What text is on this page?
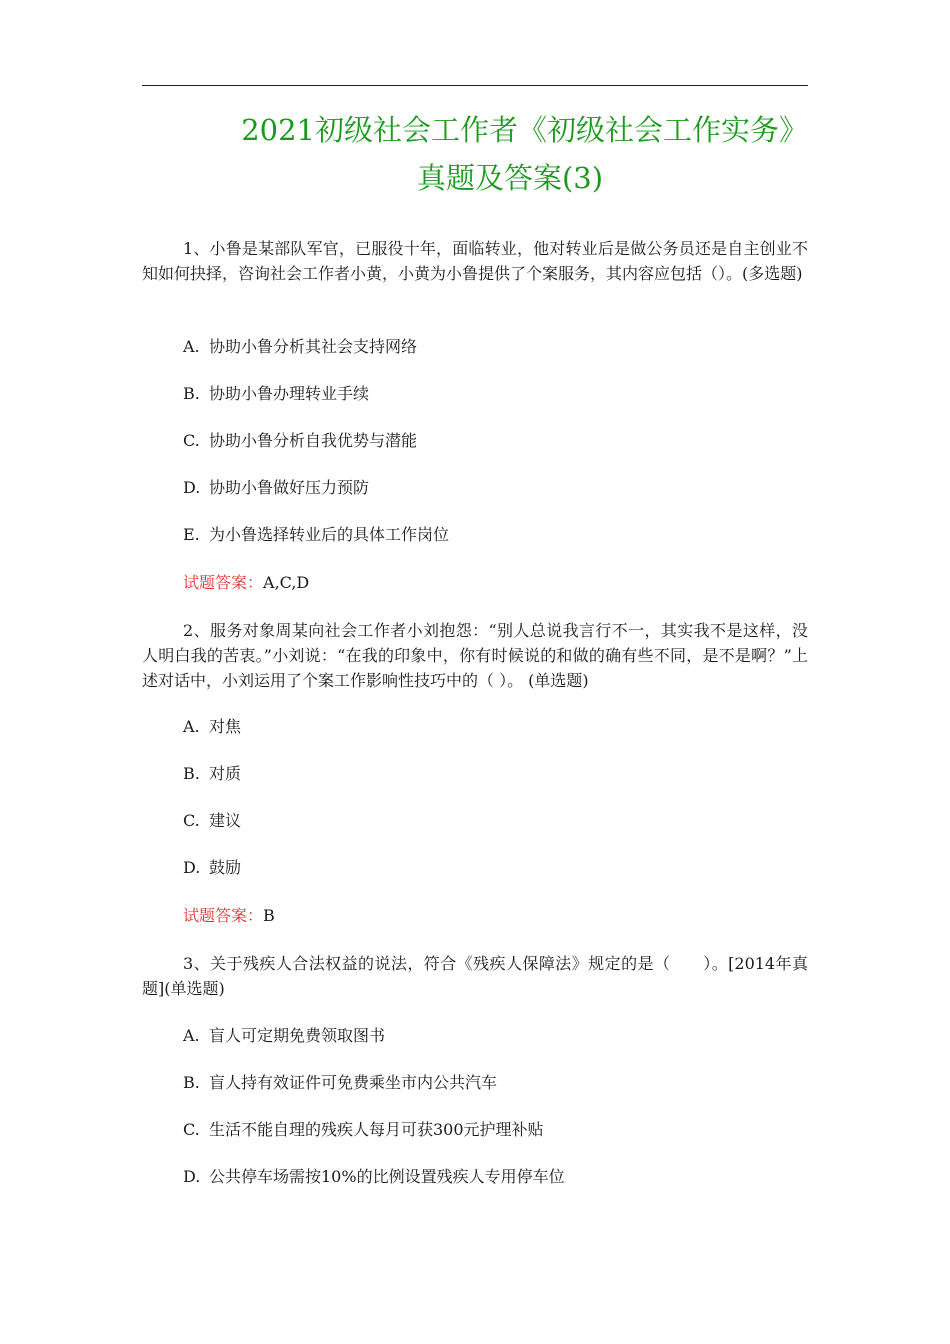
2021初级社会工作者《初级社会工作实务》
真题及答案(3)
1、小鲁是某部队军官，已服役十年，面临转业，他对转业后是做公务员还是自主创业不知如何抉择，咨询社会工作者小黄，小黄为小鲁提供了个案服务，其内容应包括（）。(多选题)
A. 协助小鲁分析其社会支持网络
B. 协助小鲁办理转业手续
C. 协助小鲁分析自我优势与潜能
D. 协助小鲁做好压力预防
E. 为小鲁选择转业后的具体工作岗位
试题答案：A,C,D
2、服务对象周某向社会工作者小刘抱怨：“别人总说我言行不一，其实我不是这样，没人明白我的苦衷。”小刘说：“在我的印象中，你有时候说的和做的确有些不同，是不是啊？”上述对话中，小刘运用了个案工作影响性技巧中的（ ）。 (单选题)
A. 对焦
B. 对质
C. 建议
D. 鼓励
试题答案：B
3、关于残疾人合法权益的说法，符合《残疾人保障法》规定的是（　　）。[2014年真题](单选题)
A. 盲人可定期免费领取图书
B. 盲人持有效证件可免费乘坐市内公共汽车
C. 生活不能自理的残疾人每月可获300元护理补贴
D. 公共停车场需按10%的比例设置残疾人专用停车位
